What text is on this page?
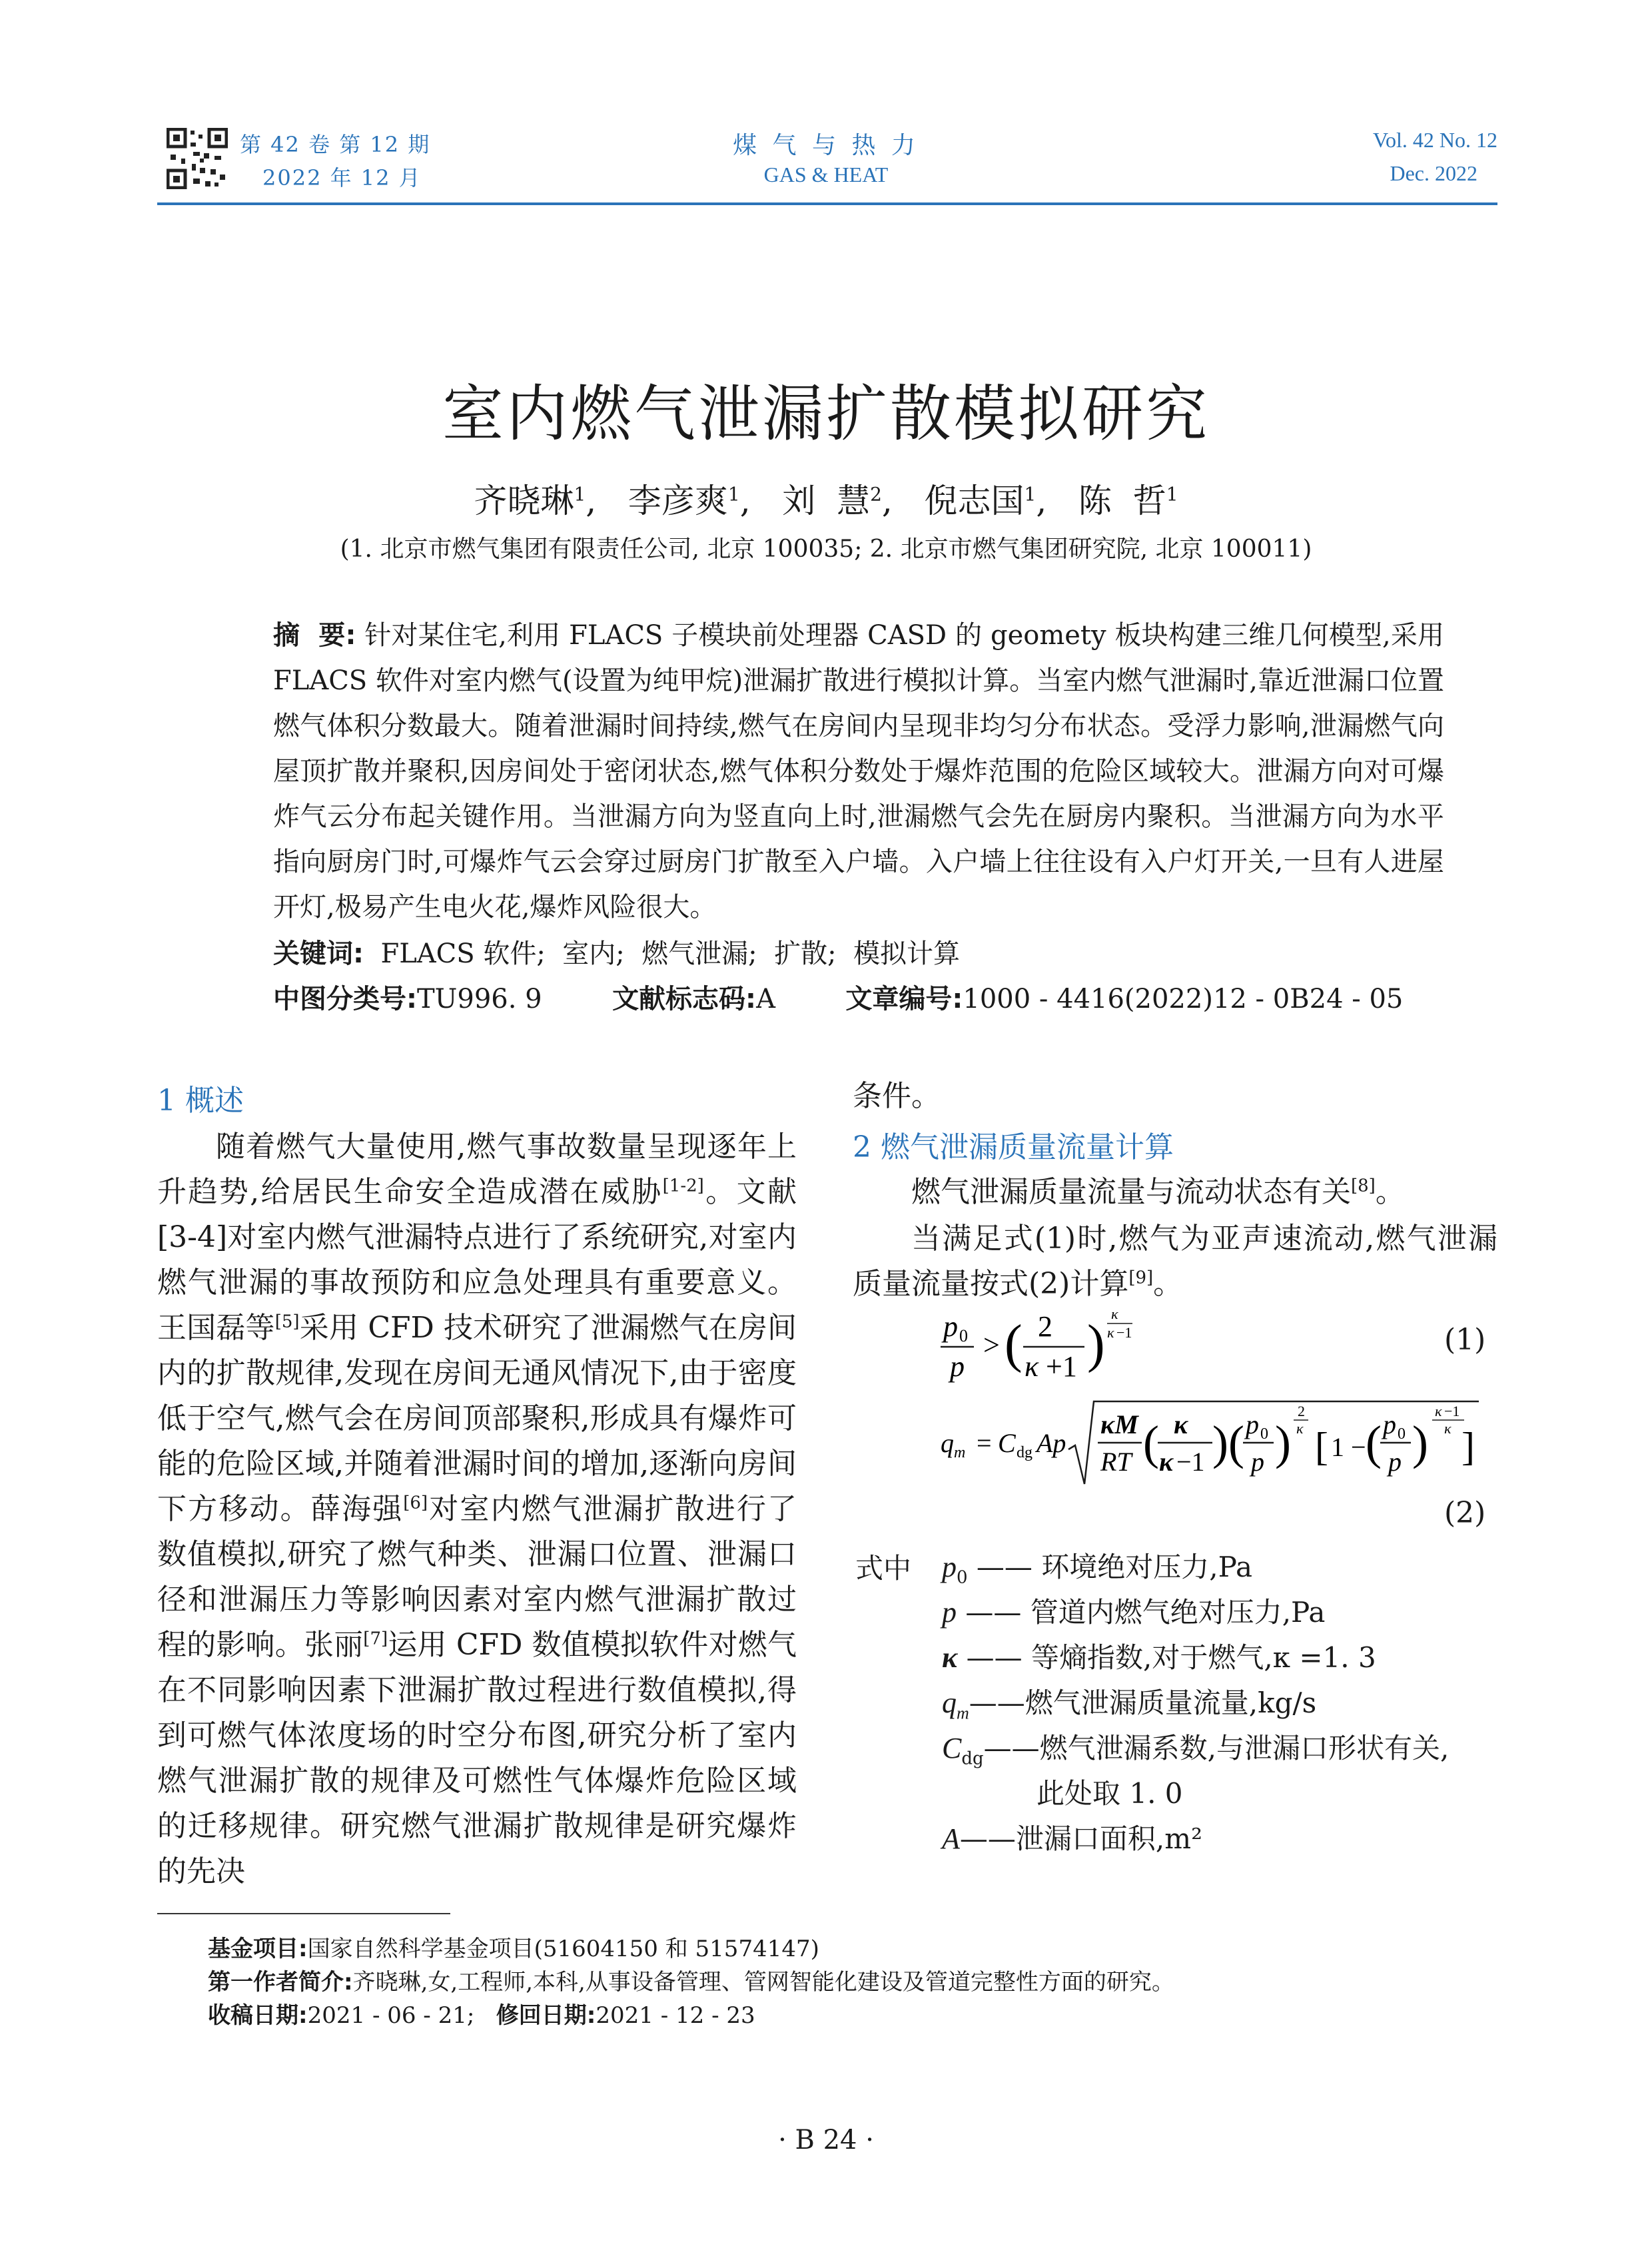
第 42 卷 第 12 期
2022 年 12 月
煤 气 与 热 力
GAS & HEAT
Vol. 42 No. 12
Dec. 2022
室内燃气泄漏扩散模拟研究
齐晓琳$^1$,   李彦爽$^1$,   刘  慧$^2$,   倪志国$^1$,   陈  哲$^1$
(1. 北京市燃气集团有限责任公司, 北京 100035; 2. 北京市燃气集团研究院, 北京 100011)
摘  要: 针对某住宅,利用 FLACS 子模块前处理器 CASD 的 geomety 板块构建三维几何模型,采用 FLACS 软件对室内燃气(设置为纯甲烷)泄漏扩散进行模拟计算。当室内燃气泄漏时,靠近泄漏口位置燃气体积分数最大。随着泄漏时间持续,燃气在房间内呈现非均匀分布状态。受浮力影响,泄漏燃气向屋顶扩散并聚积,因房间处于密闭状态,燃气体积分数处于爆炸范围的危险区域较大。泄漏方向对可爆炸气云分布起关键作用。当泄漏方向为竖直向上时,泄漏燃气会先在厨房内聚积。当泄漏方向为水平指向厨房门时,可爆炸气云会穿过厨房门扩散至入户墙。入户墙上往往设有入户灯开关,一旦有人进屋开灯,极易产生电火花,爆炸风险很大。
关键词: FLACS 软件;  室内;  燃气泄漏;  扩散;  模拟计算
中图分类号:TU996. 9	文献标志码:A	文章编号:1000 - 4416(2022)12 - 0B24 - 05
1 概述
随着燃气大量使用,燃气事故数量呈现逐年上升趋势,给居民生命安全造成潜在威胁[1-2]。文献[3-4]对室内燃气泄漏特点进行了系统研究,对室内燃气泄漏的事故预防和应急处理具有重要意义。王国磊等[5]采用 CFD 技术研究了泄漏燃气在房间内的扩散规律,发现在房间无通风情况下,由于密度低于空气,燃气会在房间顶部聚积,形成具有爆炸可能的危险区域,并随着泄漏时间的增加,逐渐向房间下方移动。薛海强[6]对室内燃气泄漏扩散进行了数值模拟,研究了燃气种类、泄漏口位置、泄漏口径和泄漏压力等影响因素对室内燃气泄漏扩散过程的影响。张丽[7]运用 CFD 数值模拟软件对燃气在不同影响因素下泄漏扩散过程进行数值模拟,得到可燃气体浓度场的时空分布图,研究分析了室内燃气泄漏扩散的规律及可燃性气体爆炸危险区域的迁移规律。研究燃气泄漏扩散规律是研究爆炸的先决
条件。
2 燃气泄漏质量流量计算
燃气泄漏质量流量与流动状态有关[8]。
当满足式(1)时,燃气为亚声速流动,燃气泄漏质量流量按式(2)计算[9]。
p 0
p
> ( 2
κ +1 )
κ
κ −1	(1)
q m = C dg Ap
κM
RT ( κ
κ −1 ) ( p 0
p )
2
κ [ 1 − ( p 0
p )
κ −1
κ ]
(2)
式中 $p_0$ —— 环境绝对压力,Pa
p —— 管道内燃气绝对压力,Pa
κ —— 等熵指数,对于燃气,κ =1. 3
$q_m——$燃气泄漏质量流量,kg/s
$C_{dg}——$燃气泄漏系数,与泄漏口形状有关,
此处取 1. 0
A——泄漏口面积,m²
基金项目:国家自然科学基金项目(51604150 和 51574147)
第一作者简介:齐晓琳,女,工程师,本科,从事设备管理、管网智能化建设及管道完整性方面的研究。
收稿日期:2021 - 06 - 21; 修回日期:2021 - 12 - 23
· B 24 ·
